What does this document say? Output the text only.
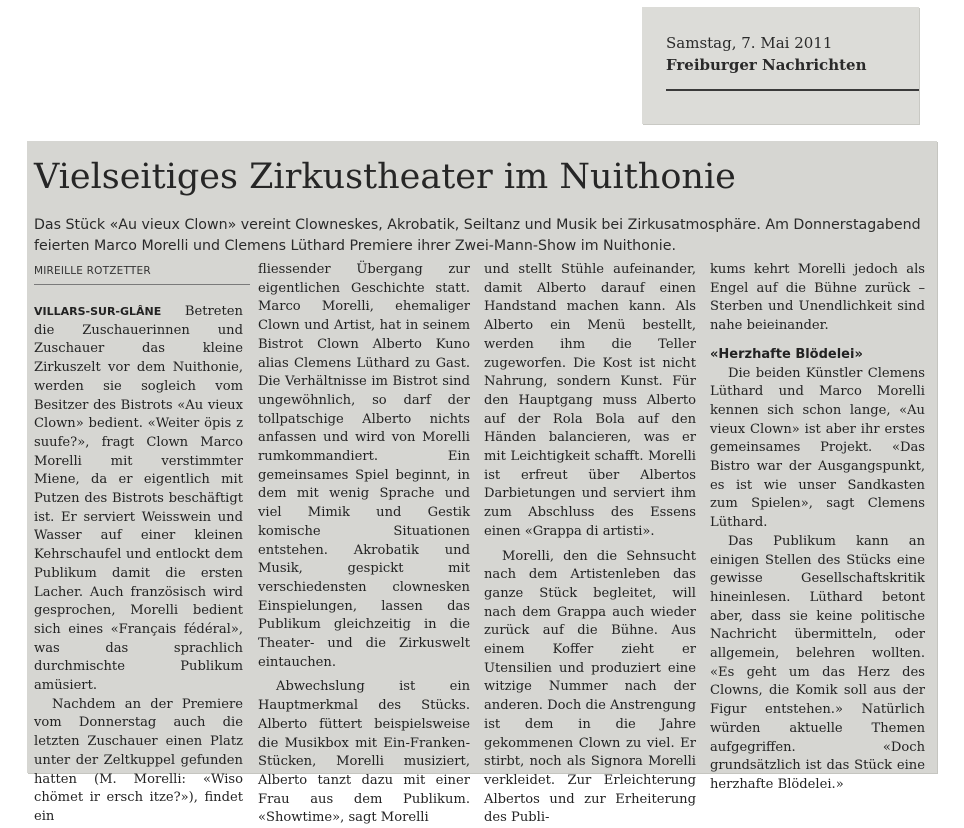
Samstag, 7. Mai 2011
Freiburger Nachrichten
Vielseitiges Zirkustheater im Nuithonie
Das Stück «Au vieux Clown» vereint Clowneskes, Akrobatik, Seiltanz und Musik bei Zirkusatmosphäre. Am Donnerstagabend feierten Marco Morelli und Clemens Lüthard Premiere ihrer Zwei-Mann-Show im Nuithonie.
MIREILLE ROTZETTER

VILLARS-SUR-GLÂNE Betreten die Zuschauerinnen und Zuschauer das kleine Zirkuszelt vor dem Nuithonie, werden sie sogleich vom Besitzer des Bistrots «Au vieux Clown» bedient. «Weiter öpis z suufe?», fragt Clown Marco Morelli mit verstimmter Miene, da er eigentlich mit Putzen des Bistrots beschäftigt ist. Er serviert Weisswein und Wasser auf einer kleinen Kehrschaufel und entlockt dem Publikum damit die ersten Lacher. Auch französisch wird gesprochen, Morelli bedient sich eines «Français fédéral», was das sprachlich durchmischte Publikum amüsiert.

Nachdem an der Premiere vom Donnerstag auch die letzten Zuschauer einen Platz unter der Zeltkuppel gefunden hatten (M. Morelli: «Wiso chömet ir ersch itze?»), findet ein

fliessender Übergang zur eigentlichen Geschichte statt. Marco Morelli, ehemaliger Clown und Artist, hat in seinem Bistrot Clown Alberto Kuno alias Clemens Lüthard zu Gast. Die Verhältnisse im Bistrot sind ungewöhnlich, so darf der tollpatschige Alberto nichts anfassen und wird von Morelli rumkommandiert. Ein gemeinsames Spiel beginnt, in dem mit wenig Sprache und viel Mimik und Gestik komische Situationen entstehen. Akrobatik und Musik, gespickt mit verschiedensten clownesken Einspielungen, lassen das Publikum gleichzeitig in die Theater- und die Zirkuswelt eintauchen.

Abwechslung ist ein Hauptmerkmal des Stücks. Alberto füttert beispielsweise die Musikbox mit Ein-Franken-Stücken, Morelli musiziert, Alberto tanzt dazu mit einer Frau aus dem Publikum. «Showtime», sagt Morelli

und stellt Stühle aufeinander, damit Alberto darauf einen Handstand machen kann. Als Alberto ein Menü bestellt, werden ihm die Teller zugeworfen. Die Kost ist nicht Nahrung, sondern Kunst. Für den Hauptgang muss Alberto auf der Rola Bola auf den Händen balancieren, was er mit Leichtigkeit schafft. Morelli ist erfreut über Albertos Darbietungen und serviert ihm zum Abschluss des Essens einen «Grappa di artisti».

Morelli, den die Sehnsucht nach dem Artistenleben das ganze Stück begleitet, will nach dem Grappa auch wieder zurück auf die Bühne. Aus einem Koffer zieht er Utensilien und produziert eine witzige Nummer nach der anderen. Doch die Anstrengung ist dem in die Jahre gekommenen Clown zu viel. Er stirbt, noch als Signora Morelli verkleidet. Zur Erleichterung Albertos und zur Erheiterung des Publi-

kums kehrt Morelli jedoch als Engel auf die Bühne zurück – Sterben und Unendlichkeit sind nahe beieinander.

«Herzhafte Blödelei»

Die beiden Künstler Clemens Lüthard und Marco Morelli kennen sich schon lange, «Au vieux Clown» ist aber ihr erstes gemeinsames Projekt. «Das Bistro war der Ausgangspunkt, es ist wie unser Sandkasten zum Spielen», sagt Clemens Lüthard.

Das Publikum kann an einigen Stellen des Stücks eine gewisse Gesellschaftskritik hineinlesen. Lüthard betont aber, dass sie keine politische Nachricht übermitteln, oder allgemein, belehren wollten. «Es geht um das Herz des Clowns, die Komik soll aus der Figur entstehen.» Natürlich würden aktuelle Themen aufgegriffen. «Doch grundsätzlich ist das Stück eine herzhafte Blödelei.»
